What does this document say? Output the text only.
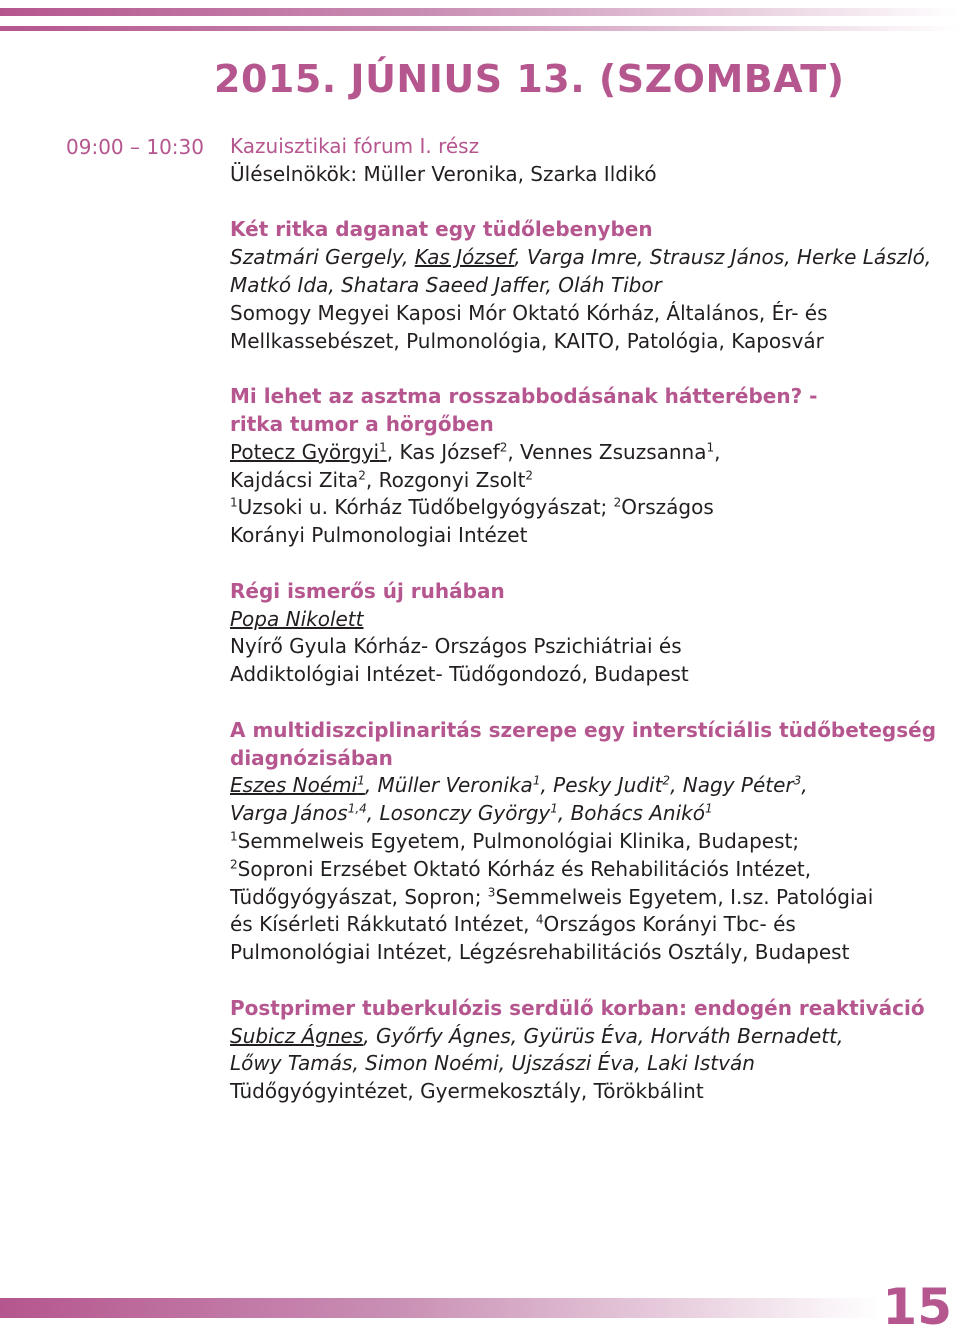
2015. JÚNIUS 13. (SZOMBAT)
09:00 – 10:30 Kazuisztikai fórum I. rész

Üléselnökök: Müller Veronika, Szarka Ildikó

Két ritka daganat egy tüdőlebenyben

Szatmári Gergely, Kas József, Varga Imre, Strausz János, Herke László,

Matkó Ida, Shatara Saeed Jaffer, Oláh Tibor

Somogy Megyei Kaposi Mór Oktató Kórház, Általános, Ér- és

Mellkassebészet, Pulmonológia, KAITO, Patológia, Kaposvár

Mi lehet az asztma rosszabbodásának hátterében? -

ritka tumor a hörgőben

Potecz Györgyi$^1$, Kas József$^2$, Vennes Zsuzsanna$^1$,

Kajdácsi Zita$^2$, Rozgonyi Zsolt$^2$

$^1$Uzsoki u. Kórház Tüdőbelgyógyászat; $^2$Országos

Korányi Pulmonologiai Intézet

Régi ismerős új ruhában

Popa Nikolett

Nyírő Gyula Kórház- Országos Pszichiátriai és

Addiktológiai Intézet- Tüdőgondozó, Budapest

A multidiszciplinaritás szerepe egy interstíciális tüdőbetegség

diagnózisában

Eszes Noémi$^1$, Müller Veronika$^1$, Pesky Judit$^2$, Nagy Péter$^3$,

Varga János$^{1,4}$, Losonczy György$^1$, Bohács Anikó$^1$

$^1$Semmelweis Egyetem, Pulmonológiai Klinika, Budapest;

$^2$Soproni Erzsébet Oktató Kórház és Rehabilitációs Intézet,

Tüdőgyógyászat, Sopron; $^3$Semmelweis Egyetem, I.sz. Patológiai

és Kísérleti Rákkutató Intézet, $^4$Országos Korányi Tbc- és

Pulmonológiai Intézet, Légzésrehabilitációs Osztály, Budapest

Postprimer tuberkulózis serdülő korban: endogén reaktiváció

Subicz Ágnes, Győrfy Ágnes, Gyürüs Éva, Horváth Bernadett,

Lőwy Tamás, Simon Noémi, Ujszászi Éva, Laki István

Tüdőgyógyintézet, Gyermekosztály, Törökbálint

15
